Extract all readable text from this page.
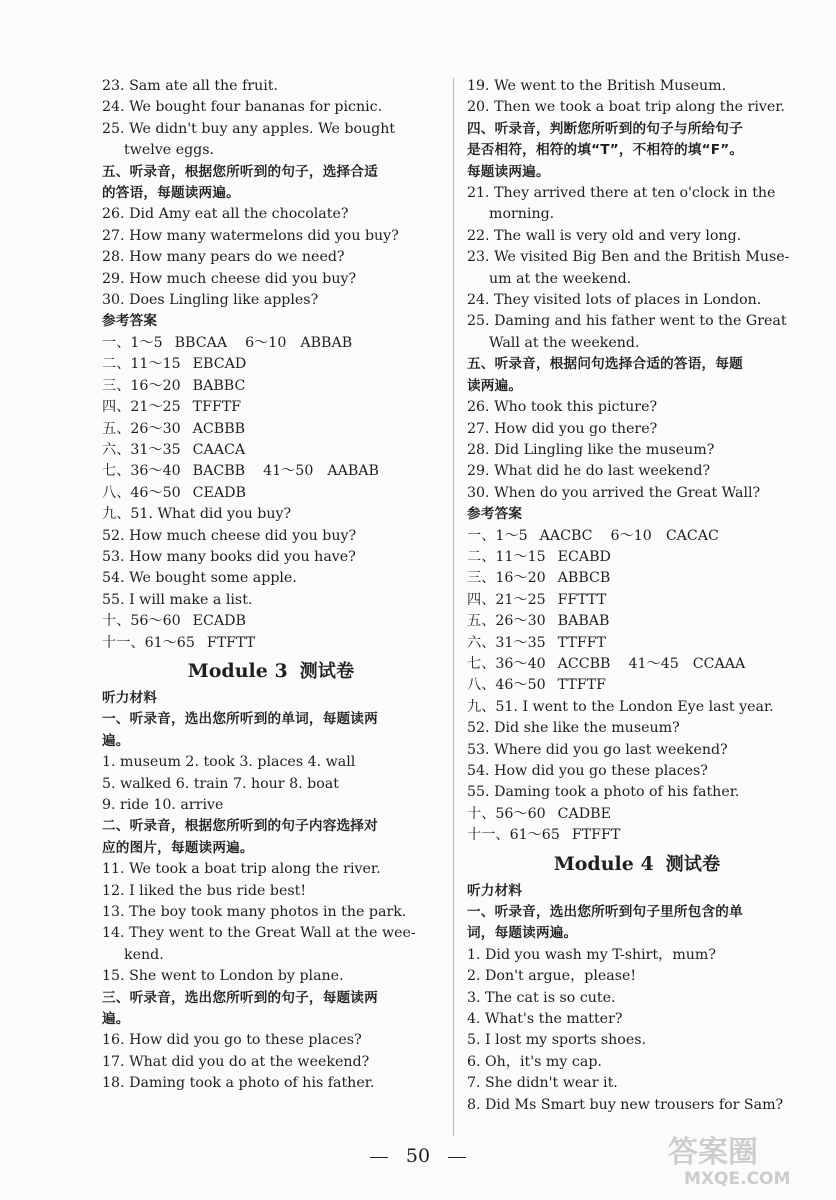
23. Sam ate all the fruit.
24. We bought four bananas for picnic.
25. We didn't buy any apples. We bought
twelve eggs.
五、听录音，根据您所听到的句子，选择合适
的答语，每题读两遍。
26. Did Amy eat all the chocolate?
27. How many watermelons did you buy?
28. How many pears do we need?
29. How much cheese did you buy?
30. Does Lingling like apples?
参考答案
一、1～5 BBCAA 6～10 ABBAB
二、11～15 EBCAD
三、16～20 BABBC
四、21～25 TFFTF
五、26～30 ACBBB
六、31～35 CAACA
七、36～40 BACBB 41～50 AABAB
八、46～50 CEADB
九、51. What did you buy?
52. How much cheese did you buy?
53. How many books did you have?
54. We bought some apple.
55. I will make a list.
十、56～60 ECADB
十一、61～65 FTFTT
Module 3 测试卷
听力材料
一、听录音，选出您所听到的单词，每题读两
遍。
1. museum 2. took 3. places 4. wall
5. walked 6. train 7. hour 8. boat
9. ride 10. arrive
二、听录音，根据您所听到的句子内容选择对
应的图片，每题读两遍。
11. We took a boat trip along the river.
12. I liked the bus ride best!
13. The boy took many photos in the park.
14. They went to the Great Wall at the wee-
kend.
15. She went to London by plane.
三、听录音，选出您所听到的句子，每题读两
遍。
16. How did you go to these places?
17. What did you do at the weekend?
18. Daming took a photo of his father.
19. We went to the British Museum.
20. Then we took a boat trip along the river.
四、听录音，判断您所听到的句子与所给句子
是否相符，相符的填“T”，不相符的填“F”。
每题读两遍。
21. They arrived there at ten o'clock in the
morning.
22. The wall is very old and very long.
23. We visited Big Ben and the British Muse-
um at the weekend.
24. They visited lots of places in London.
25. Daming and his father went to the Great
Wall at the weekend.
五、听录音，根据问句选择合适的答语，每题
读两遍。
26. Who took this picture?
27. How did you go there?
28. Did Lingling like the museum?
29. What did he do last weekend?
30. When do you arrived the Great Wall?
参考答案
一、1～5 AACBC 6～10 CACAC
二、11～15 ECABD
三、16～20 ABBCB
四、21～25 FFTTT
五、26～30 BABAB
六、31～35 TTFFT
七、36～40 ACCBB 41～45 CCAAA
八、46～50 TTFTF
九、51. I went to the London Eye last year.
52. Did she like the museum?
53. Where did you go last weekend?
54. How did you go these places?
55. Daming took a photo of his father.
十、56～60 CADBE
十一、61～65 FTFFT
Module 4 测试卷
听力材料
一、听录音，选出您所听到句子里所包含的单
词，每题读两遍。
1. Did you wash my T-shirt，mum?
2. Don't argue，please!
3. The cat is so cute.
4. What's the matter?
5. I lost my sports shoes.
6. Oh，it's my cap.
7. She didn't wear it.
8. Did Ms Smart buy new trousers for Sam?
50	答案圈
MXQE.COM
